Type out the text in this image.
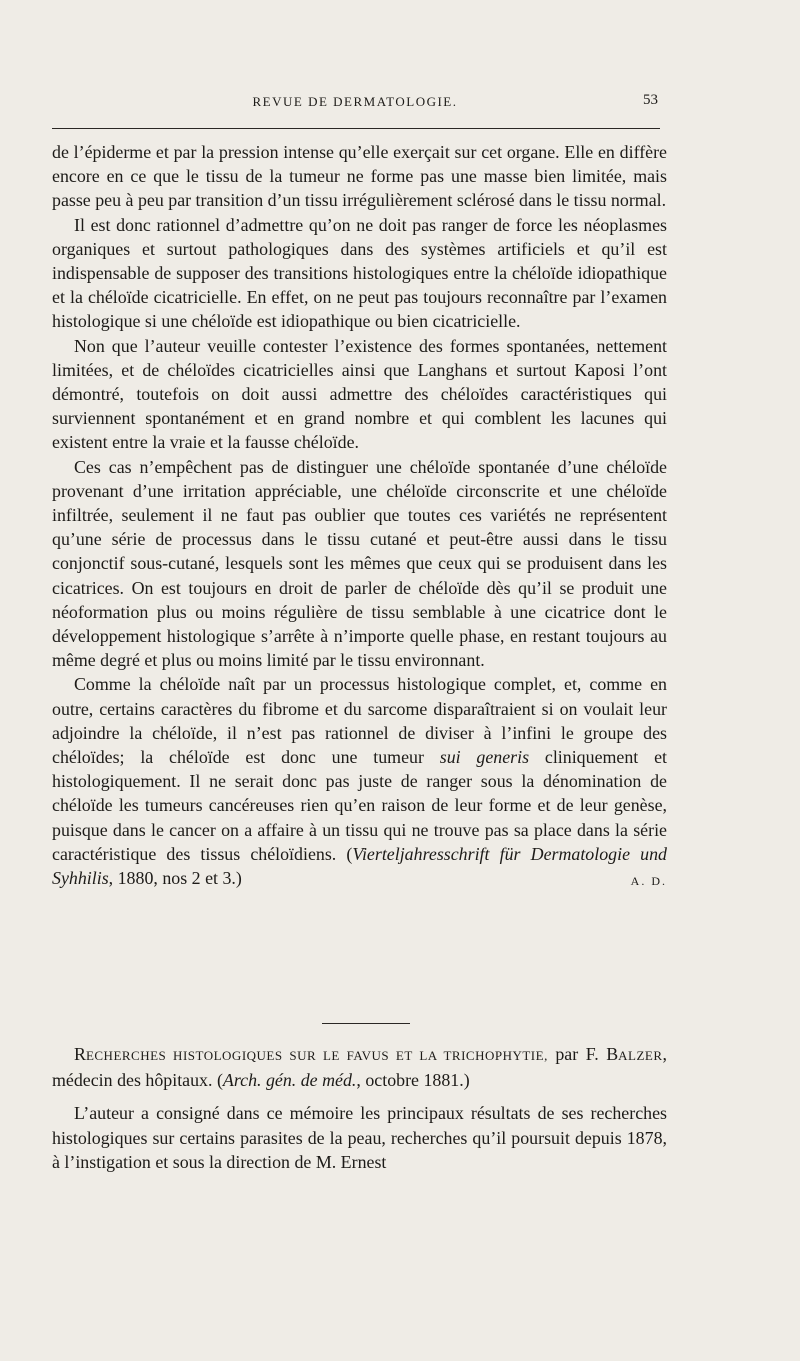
REVUE DE DERMATOLOGIE.	53

de l’épiderme et par la pression intense qu’elle exerçait sur cet organe. Elle en diffère encore en ce que le tissu de la tumeur ne forme pas une masse bien limitée, mais passe peu à peu par transition d’un tissu irrégulièrement sclérosé dans le tissu normal.

Il est donc rationnel d’admettre qu’on ne doit pas ranger de force les néoplasmes organiques et surtout pathologiques dans des systèmes artificiels et qu’il est indispensable de supposer des transitions histologiques entre la chéloïde idiopathique et la chéloïde cicatricielle. En effet, on ne peut pas toujours reconnaître par l’examen histologique si une chéloïde est idiopathique ou bien cicatricielle.

Non que l’auteur veuille contester l’existence des formes spontanées, nettement limitées, et de chéloïdes cicatricielles ainsi que Langhans et surtout Kaposi l’ont démontré, toutefois on doit aussi admettre des chéloïdes caractéristiques qui surviennent spontanément et en grand nombre et qui comblent les lacunes qui existent entre la vraie et la fausse chéloïde.

Ces cas n’empêchent pas de distinguer une chéloïde spontanée d’une chéloïde provenant d’une irritation appréciable, une chéloïde circonscrite et une chéloïde infiltrée, seulement il ne faut pas oublier que toutes ces variétés ne représentent qu’une série de processus dans le tissu cutané et peut-être aussi dans le tissu conjonctif sous-cutané, lesquels sont les mêmes que ceux qui se produisent dans les cicatrices. On est toujours en droit de parler de chéloïde dès qu’il se produit une néoformation plus ou moins régulière de tissu semblable à une cicatrice dont le développement histologique s’arrête à n’importe quelle phase, en restant toujours au même degré et plus ou moins limité par le tissu environnant.

Comme la chéloïde naît par un processus histologique complet, et, comme en outre, certains caractères du fibrome et du sarcome disparaîtraient si on voulait leur adjoindre la chéloïde, il n’est pas rationnel de diviser à l’infini le groupe des chéloïdes; la chéloïde est donc une tumeur sui generis cliniquement et histologiquement. Il ne serait donc pas juste de ranger sous la dénomination de chéloïde les tumeurs cancéreuses rien qu’en raison de leur forme et de leur genèse, puisque dans le cancer on a affaire à un tissu qui ne trouve pas sa place dans la série caractéristique des tissus chéloïdiens. (Vierteljahresschrift für Dermatologie und Syhhilis, 1880, nos 2 et 3.)	A. D.

RECHERCHES HISTOLOGIQUES SUR LE FAVUS ET LA TRICHOPHYTIE, par F. BALZER, médecin des hôpitaux. (Arch. gén. de méd., octobre 1881.)

L’auteur a consigné dans ce mémoire les principaux résultats de ses recherches histologiques sur certains parasites de la peau, recherches qu’il poursuit depuis 1878, à l’instigation et sous la direction de M. Ernest
